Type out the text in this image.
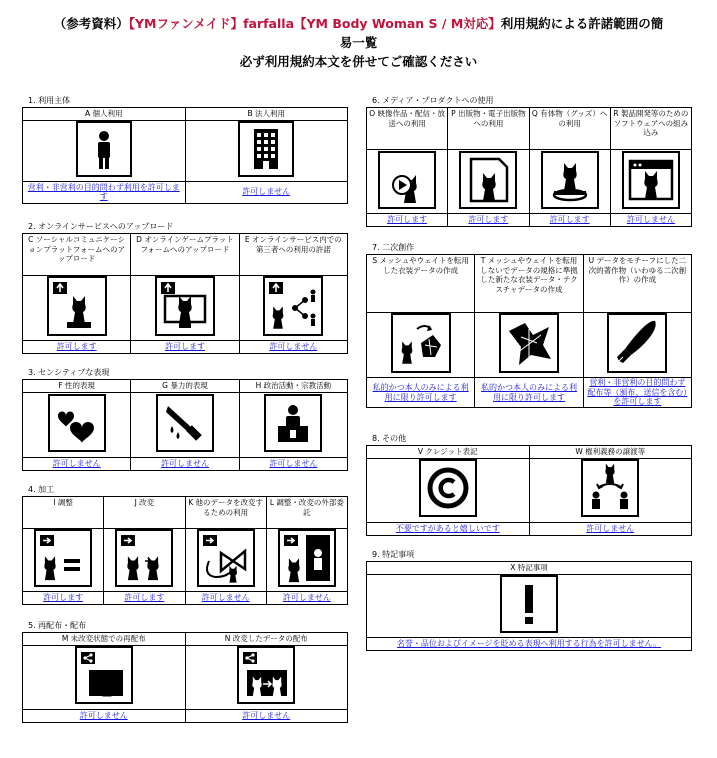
（参考資料）【YMファンメイド】farfalla【YM Body Woman S / M対応】利用規約による許諾範囲の簡
易一覧
必ず利用規約本文を併せてご確認ください
1. 利用主体
A 個人利用	B 法人利用

営利・非営利の目的問わず利用を許可します	許可しません
2. オンラインサービスへのアップロード
C ソーシャルコミュニケーションプラットフォームへのアップロード	D オンラインゲームプラットフォームへのアップロード	E オンラインサービス内での第三者への利用の許諾

許可します	許可します	許可しません
3. センシティブな表現
F 性的表現	G 暴力的表現	H 政治活動・宗教活動

許可しません	許可しません	許可しません
4. 加工
I 調整	J 改変	K 他のデータを改変するための利用	L 調整・改変の外部委託

許可します	許可します	許可しません	許可しません
5. 再配布・配布
M 未改変状態での再配布	N 改変したデータの配布

許可しません	許可しません
6. メディア・プロダクトへの使用
O 映像作品・配信・放送への利用	P 出版物・電子出版物への利用	Q 有体物（グッズ）への利用	R 製品開発等のためのソフトウェアへの組み込み

許可します	許可します	許可します	許可しません
7. 二次創作
S メッシュやウェイトを転用した衣装データの作成	T メッシュやウェイトを転用しないでデータの規格に準拠した新たな衣装データ・テクスチャデータの作成	U データをモチーフにした二次的著作物（いわゆる二次創作）の作成

私的かつ本人のみによる利用に限り許可します	私的かつ本人のみによる利用に限り許可します	営利・非営利の目的問わず配布等（頒布、送信を含む）を許可します
8. その他
V クレジット表記	W 権利義務の譲渡等

不要ですがあると嬉しいです	許可しません
9. 特記事項
X 特記事項

名誉・品位およびイメージを貶める表現へ利用する行為を許可しません。
